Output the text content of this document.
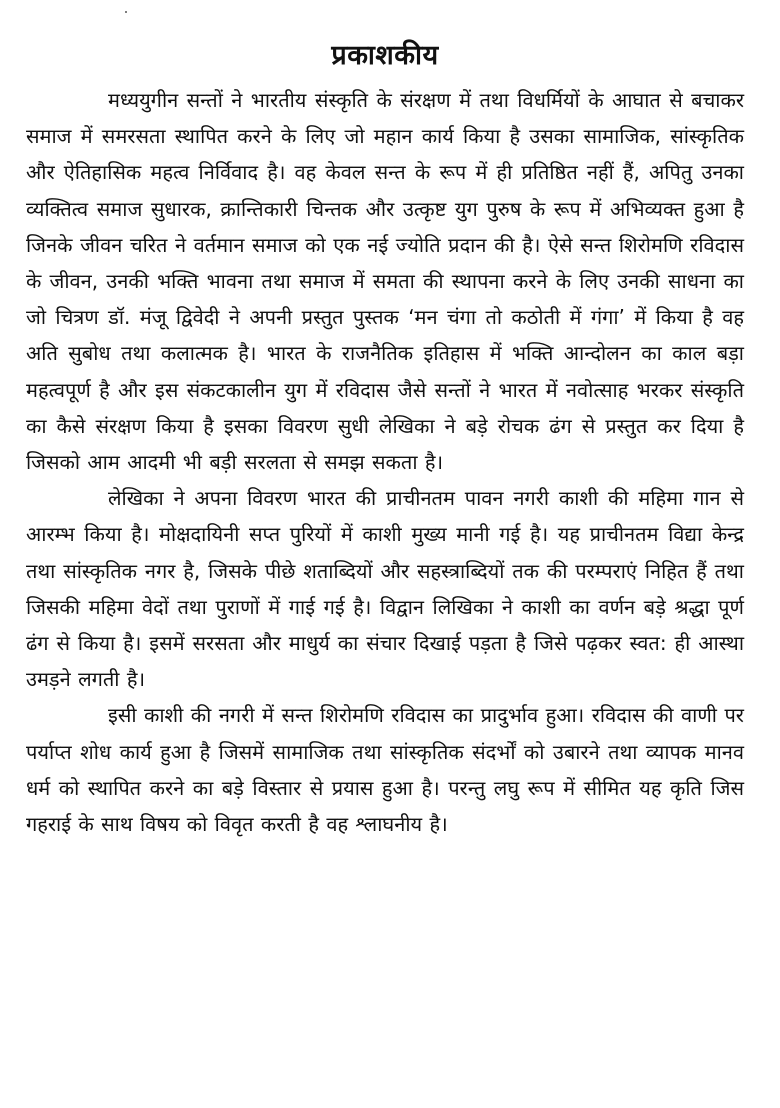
प्रकाशकीय

मध्ययुगीन सन्तों ने भारतीय संस्कृति के संरक्षण में तथा विधर्मियों के आघात से बचाकर समाज में समरसता स्थापित करने के लिए जो महान कार्य किया है उसका सामाजिक, सांस्कृतिक और ऐतिहासिक महत्व निर्विवाद है। वह केवल सन्त के रूप में ही प्रतिष्ठित नहीं हैं, अपितु उनका व्यक्तित्व समाज सुधारक, क्रान्तिकारी चिन्तक और उत्कृष्ट युग पुरुष के रूप में अभिव्यक्त हुआ है जिनके जीवन चरित ने वर्तमान समाज को एक नई ज्योति प्रदान की है। ऐसे सन्त शिरोमणि रविदास के जीवन, उनकी भक्ति भावना तथा समाज में समता की स्थापना करने के लिए उनकी साधना का जो चित्रण डॉ. मंजू द्विवेदी ने अपनी प्रस्तुत पुस्तक ‘मन चंगा तो कठोती में गंगा’ में किया है वह अति सुबोध तथा कलात्मक है। भारत के राजनैतिक इतिहास में भक्ति आन्दोलन का काल बड़ा महत्वपूर्ण है और इस संकटकालीन युग में रविदास जैसे सन्तों ने भारत में नवोत्साह भरकर संस्कृति का कैसे संरक्षण किया है इसका विवरण सुधी लेखिका ने बड़े रोचक ढंग से प्रस्तुत कर दिया है जिसको आम आदमी भी बड़ी सरलता से समझ सकता है।

लेखिका ने अपना विवरण भारत की प्राचीनतम पावन नगरी काशी की महिमा गान से आरम्भ किया है। मोक्षदायिनी सप्त पुरियों में काशी मुख्य मानी गई है। यह प्राचीनतम विद्या केन्द्र तथा सांस्कृतिक नगर है, जिसके पीछे शताब्दियों और सहस्त्राब्दियों तक की परम्पराएं निहित हैं तथा जिसकी महिमा वेदों तथा पुराणों में गाई गई है। विद्वान लिखिका ने काशी का वर्णन बड़े श्रद्धा पूर्ण ढंग से किया है। इसमें सरसता और माधुर्य का संचार दिखाई पड़ता है जिसे पढ़कर स्वत: ही आस्था उमड़ने लगती है।

इसी काशी की नगरी में सन्त शिरोमणि रविदास का प्रादुर्भाव हुआ। रविदास की वाणी पर पर्याप्त शोध कार्य हुआ है जिसमें सामाजिक तथा सांस्कृतिक संदर्भों को उबारने तथा व्यापक मानव धर्म को स्थापित करने का बड़े विस्तार से प्रयास हुआ है। परन्तु लघु रूप में सीमित यह कृति जिस गहराई के साथ विषय को विवृत करती है वह श्लाघनीय है।
